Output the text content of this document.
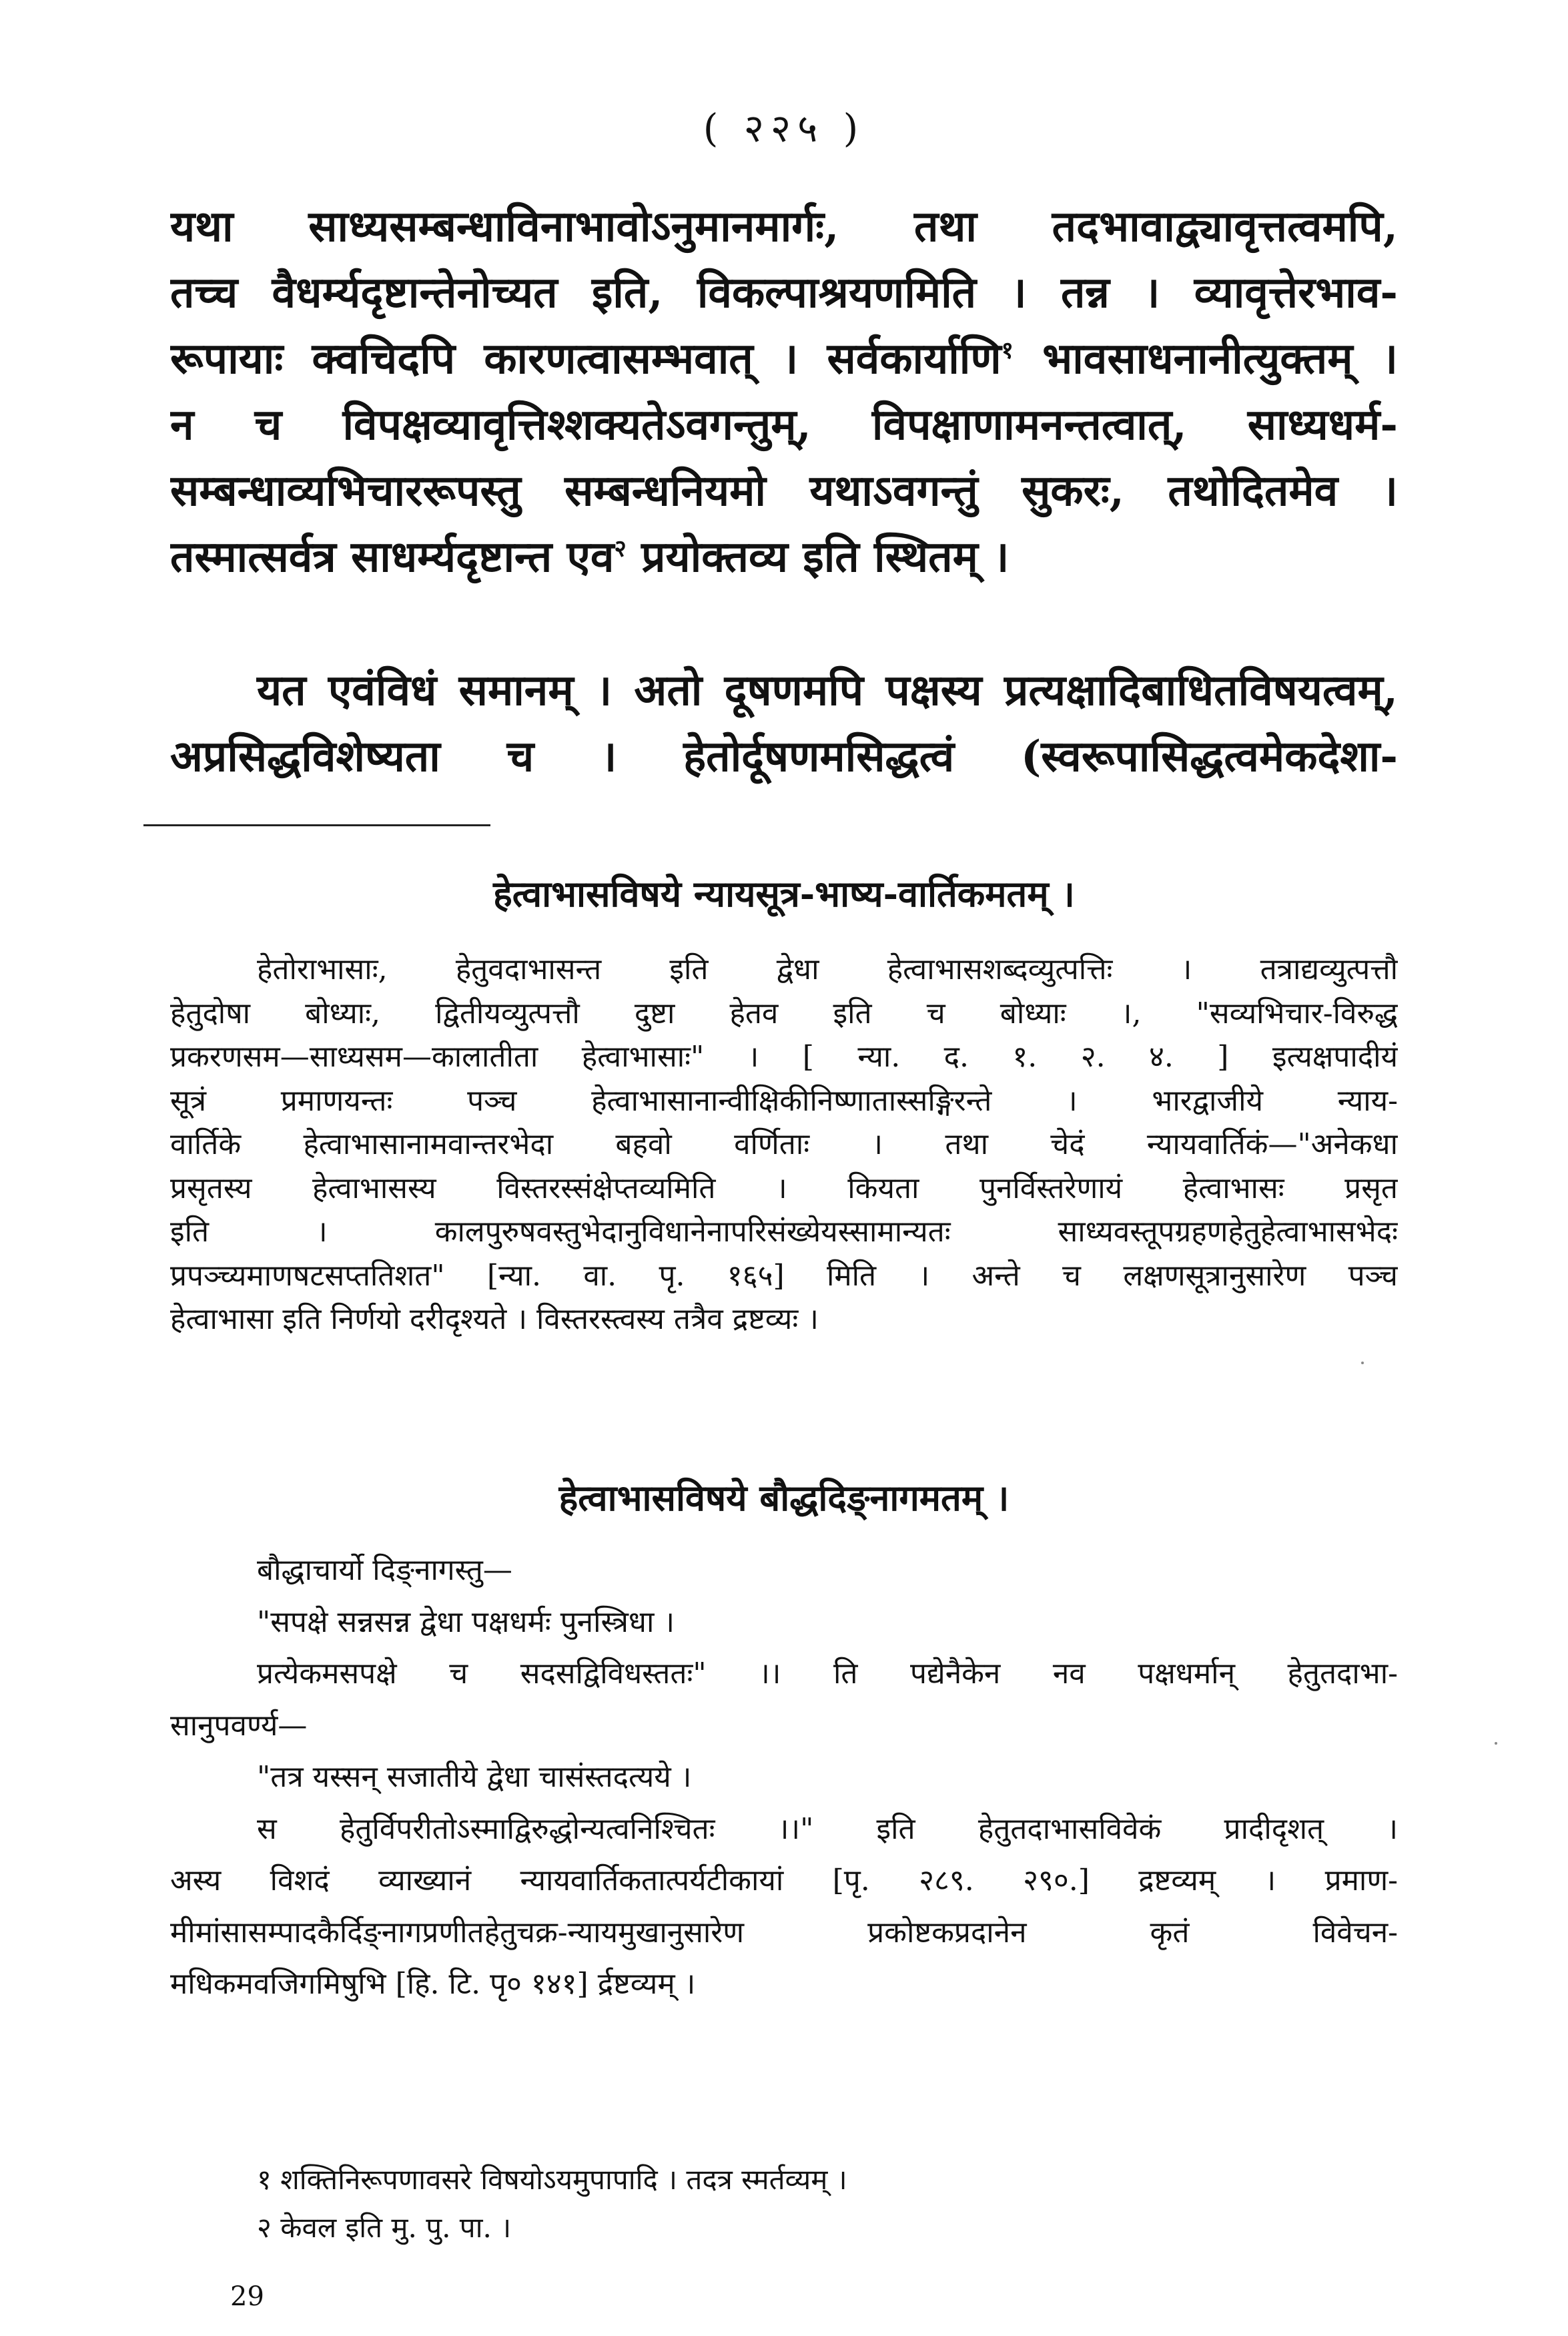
( २२५ )
यथा साध्यसम्बन्धाविनाभावोऽनुमानमार्गः, तथा तदभावाद्व्यावृत्तत्वमपि,
तच्च वैधर्म्यदृष्टान्तेनोच्यत इति, विकल्पाश्रयणमिति । तन्न । व्यावृत्तेरभाव-
रूपायाः क्वचिदपि कारणत्वासम्भवात् । सर्वकार्याणि$^१$ भावसाधनानीत्युक्तम् ।
न च विपक्षव्यावृत्तिश्शक्यतेऽवगन्तुम्, विपक्षाणामनन्तत्वात्, साध्यधर्म-
सम्बन्धाव्यभिचाररूपस्तु सम्बन्धनियमो यथाऽवगन्तुं सुकरः, तथोदितमेव ।
तस्मात्सर्वत्र साधर्म्यदृष्टान्त एव$^२$ प्रयोक्तव्य इति स्थितम् ।
यत एवंविधं समानम् । अतो दूषणमपि पक्षस्य प्रत्यक्षादिबाधितविषयत्वम्,
अप्रसिद्धविशेष्यता च । हेतोर्दूषणमसिद्धत्वं (स्वरूपासिद्धत्वमेकदेशा-
हेत्वाभासविषये न्यायसूत्र-भाष्य-वार्तिकमतम् ।
हेतोराभासाः, हेतुवदाभासन्त इति द्वेधा हेत्वाभासशब्दव्युत्पत्तिः । तत्राद्यव्युत्पत्तौ
हेतुदोषा बोध्याः, द्वितीयव्युत्पत्तौ दुष्टा हेतव इति च बोध्याः ।, "सव्यभिचार-विरुद्ध
प्रकरणसम—साध्यसम—कालातीता हेत्वाभासाः" । [ न्या. द. १. २. ४. ] इत्यक्षपादीयं
सूत्रं प्रमाणयन्तः पञ्च हेत्वाभासानान्वीक्षिकीनिष्णातास्सङ्गिरन्ते । भारद्वाजीये न्याय-
वार्तिके हेत्वाभासानामवान्तरभेदा बहवो वर्णिताः । तथा चेदं न्यायवार्तिकं—"अनेकधा
प्रसृतस्य हेत्वाभासस्य विस्तरस्संक्षेप्तव्यमिति । कियता पुनर्विस्तरेणायं हेत्वाभासः प्रसृत
इति । कालपुरुषवस्तुभेदानुविधानेनापरिसंख्येयस्सामान्यतः साध्यवस्तूपग्रहणहेतुहेत्वाभासभेदः
प्रपञ्च्यमाणषटसप्ततिशत" [न्या. वा. पृ. १६५] मिति । अन्ते च लक्षणसूत्रानुसारेण पञ्च
हेत्वाभासा इति निर्णयो दरीदृश्यते । विस्तरस्त्वस्य तत्रैव द्रष्टव्यः ।
हेत्वाभासविषये बौद्धदिङ्नागमतम् ।
बौद्धाचार्यो दिङ्नागस्तु—
"सपक्षे सन्नसन्न द्वेधा पक्षधर्मः पुनस्त्रिधा ।
प्रत्येकमसपक्षे च सदसद्विविधस्ततः" ।। ति पद्येनैकेन नव पक्षधर्मान् हेतुतदाभा-
सानुपवर्ण्य—
"तत्र यस्सन् सजातीये द्वेधा चासंस्तदत्यये ।
स हेतुर्विपरीतोऽस्माद्विरुद्धोन्यत्वनिश्चितः ।।" इति हेतुतदाभासविवेकं प्रादीदृशत् ।
अस्य विशदं व्याख्यानं न्यायवार्तिकतात्पर्यटीकायां [पृ. २८९. २९०.] द्रष्टव्यम् । प्रमाण-
मीमांसासम्पादकैर्दिङ्नागप्रणीतहेतुचक्र-न्यायमुखानुसारेण प्रकोष्टकप्रदानेन कृतं विवेचन-
मधिकमवजिगमिषुभि [हि. टि. पृ० १४१] र्द्रष्टव्यम् ।
१ शक्तिनिरूपणावसरे विषयोऽयमुपापादि । तदत्र स्मर्तव्यम् ।
२ केवल इति मु. पु. पा. ।
29
